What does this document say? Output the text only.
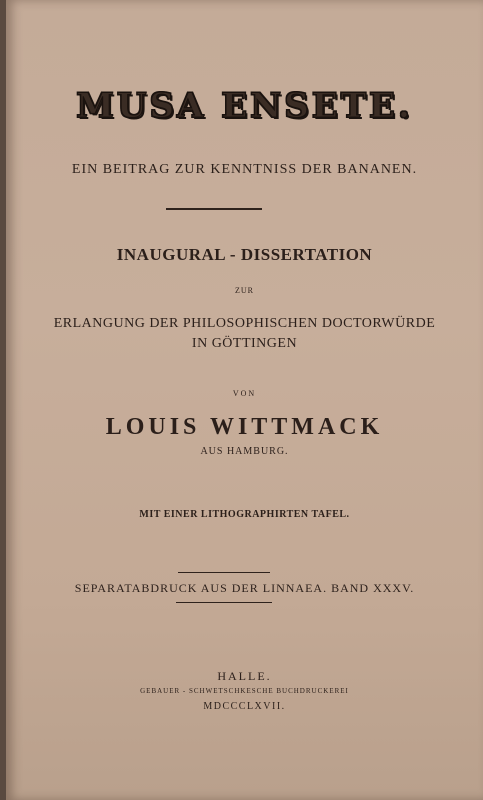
MUSA ENSETE.
EIN BEITRAG ZUR KENNTNISS DER BANANEN.
INAUGURAL - DISSERTATION
ZUR
ERLANGUNG DER PHILOSOPHISCHEN DOCTORWÜRDE
IN GÖTTINGEN
VON
LOUIS WITTMACK
AUS HAMBURG.
MIT EINER LITHOGRAPHIRTEN TAFEL.
SEPARATABDRUCK AUS DER LINNAEA. BAND XXXV.
HALLE.
GEBAUER - SCHWETSCHKESCHE BUCHDRUCKEREI
MDCCCLXVII.
